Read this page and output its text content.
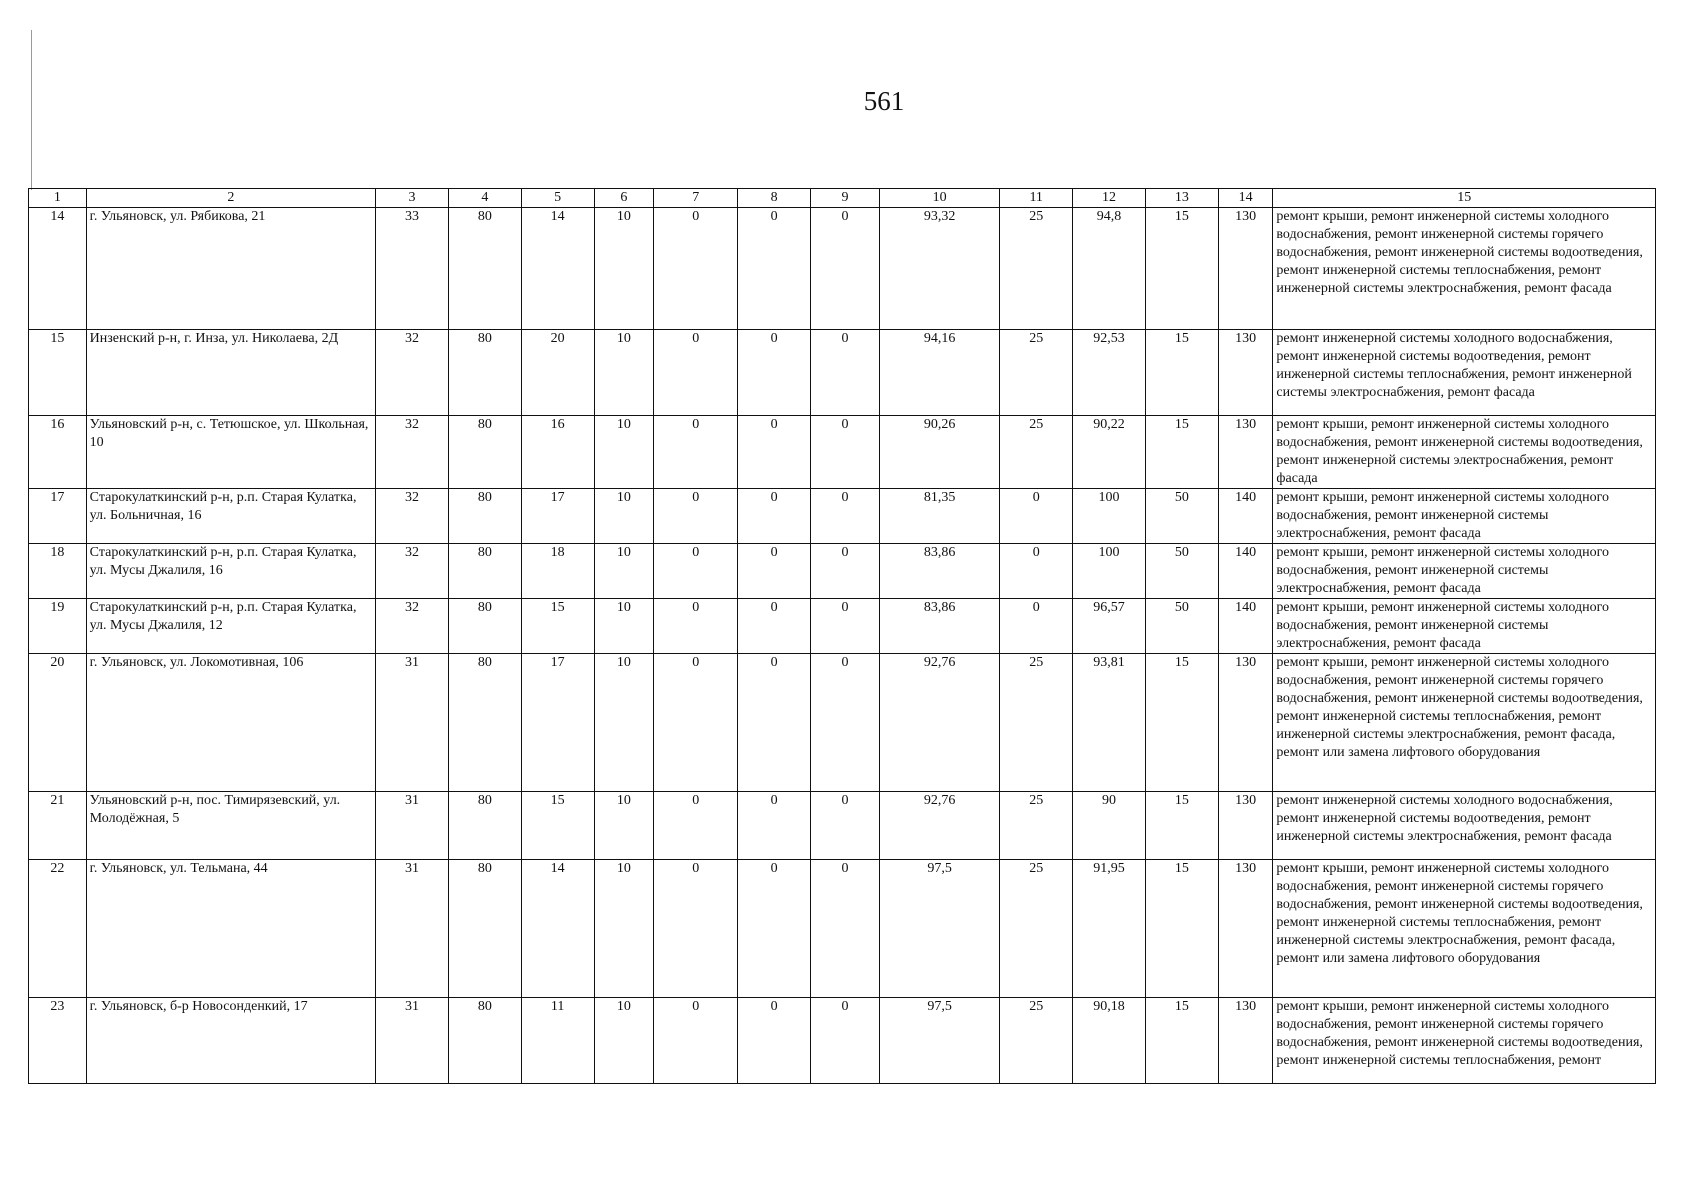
561
1	2	3	4	5	6	7	8	9	10	11	12	13	14	15
14	г. Ульяновск, ул. Рябикова, 21	33	80	14	10	0	0	0	93,32	25	94,8	15	130	ремонт крыши, ремонт инженерной системы холодного водоснабжения, ремонт инженерной системы горячего водоснабжения, ремонт инженерной системы водоотведения, ремонт инженерной системы теплоснабжения, ремонт инженерной системы электроснабжения, ремонт фасада
15	Инзенский р-н, г. Инза, ул. Николаева, 2Д	32	80	20	10	0	0	0	94,16	25	92,53	15	130	ремонт инженерной системы холодного водоснабжения, ремонт инженерной системы водоотведения, ремонт инженерной системы теплоснабжения, ремонт инженерной системы электроснабжения, ремонт фасада
16	Ульяновский р-н, с. Тетюшское, ул. Школьная, 10	32	80	16	10	0	0	0	90,26	25	90,22	15	130	ремонт крыши, ремонт инженерной системы холодного водоснабжения, ремонт инженерной системы водоотведения, ремонт инженерной системы электроснабжения, ремонт фасада
17	Старокулаткинский р-н, р.п. Старая Кулатка, ул. Больничная, 16	32	80	17	10	0	0	0	81,35	0	100	50	140	ремонт крыши, ремонт инженерной системы холодного водоснабжения, ремонт инженерной системы электроснабжения, ремонт фасада
18	Старокулаткинский р-н, р.п. Старая Кулатка, ул. Мусы Джалиля, 16	32	80	18	10	0	0	0	83,86	0	100	50	140	ремонт крыши, ремонт инженерной системы холодного водоснабжения, ремонт инженерной системы электроснабжения, ремонт фасада
19	Старокулаткинский р-н, р.п. Старая Кулатка, ул. Мусы Джалиля, 12	32	80	15	10	0	0	0	83,86	0	96,57	50	140	ремонт крыши, ремонт инженерной системы холодного водоснабжения, ремонт инженерной системы электроснабжения, ремонт фасада
20	г. Ульяновск, ул. Локомотивная, 106	31	80	17	10	0	0	0	92,76	25	93,81	15	130	ремонт крыши, ремонт инженерной системы холодного водоснабжения, ремонт инженерной системы горячего водоснабжения, ремонт инженерной системы водоотведения, ремонт инженерной системы теплоснабжения, ремонт инженерной системы электроснабжения, ремонт фасада, ремонт или замена лифтового оборудования
21	Ульяновский р-н, пос. Тимирязевский, ул. Молодёжная, 5	31	80	15	10	0	0	0	92,76	25	90	15	130	ремонт инженерной системы холодного водоснабжения, ремонт инженерной системы водоотведения, ремонт инженерной системы электроснабжения, ремонт фасада
22	г. Ульяновск, ул. Тельмана, 44	31	80	14	10	0	0	0	97,5	25	91,95	15	130	ремонт крыши, ремонт инженерной системы холодного водоснабжения, ремонт инженерной системы горячего водоснабжения, ремонт инженерной системы водоотведения, ремонт инженерной системы теплоснабжения, ремонт инженерной системы электроснабжения, ремонт фасада, ремонт или замена лифтового оборудования
23	г. Ульяновск, б-р Новосонденкий, 17	31	80	11	10	0	0	0	97,5	25	90,18	15	130	ремонт крыши, ремонт инженерной системы холодного водоснабжения, ремонт инженерной системы горячего водоснабжения, ремонт инженерной системы водоотведения, ремонт инженерной системы теплоснабжения, ремонт
